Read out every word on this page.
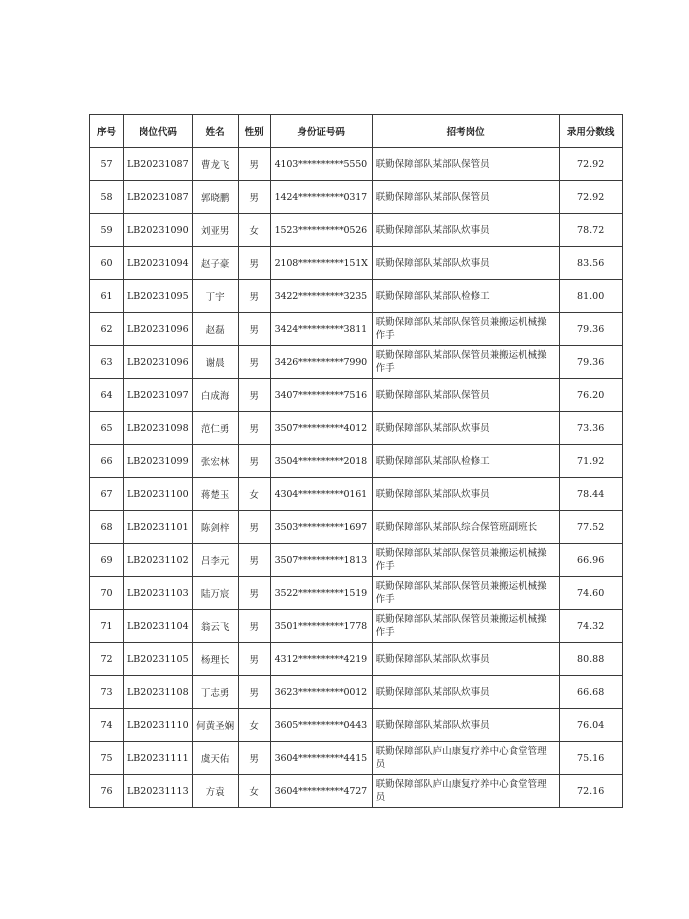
序号	岗位代码	姓名	性别	身份证号码	招考岗位	录用分数线
57	LB20231087	曹龙飞	男	4103**********5550	联勤保障部队某部队保管员	72.92
58	LB20231087	郭晓鹏	男	1424**********0317	联勤保障部队某部队保管员	72.92
59	LB20231090	刘亚男	女	1523**********0526	联勤保障部队某部队炊事员	78.72
60	LB20231094	赵子豪	男	2108**********151X	联勤保障部队某部队炊事员	83.56
61	LB20231095	丁宇	男	3422**********3235	联勤保障部队某部队检修工	81.00
62	LB20231096	赵磊	男	3424**********3811	联勤保障部队某部队保管员兼搬运机械操作手	79.36
63	LB20231096	谢晨	男	3426**********7990	联勤保障部队某部队保管员兼搬运机械操作手	79.36
64	LB20231097	白成海	男	3407**********7516	联勤保障部队某部队保管员	76.20
65	LB20231098	范仁勇	男	3507**********4012	联勤保障部队某部队炊事员	73.36
66	LB20231099	张宏林	男	3504**********2018	联勤保障部队某部队检修工	71.92
67	LB20231100	蒋楚玉	女	4304**********0161	联勤保障部队某部队炊事员	78.44
68	LB20231101	陈剑梓	男	3503**********1697	联勤保障部队某部队综合保管班副班长	77.52
69	LB20231102	吕李元	男	3507**********1813	联勤保障部队某部队保管员兼搬运机械操作手	66.96
70	LB20231103	陆万宸	男	3522**********1519	联勤保障部队某部队保管员兼搬运机械操作手	74.60
71	LB20231104	翁云飞	男	3501**********1778	联勤保障部队某部队保管员兼搬运机械操作手	74.32
72	LB20231105	杨理长	男	4312**********4219	联勤保障部队某部队炊事员	80.88
73	LB20231108	丁志勇	男	3623**********0012	联勤保障部队某部队炊事员	66.68
74	LB20231110	何黄圣娴	女	3605**********0443	联勤保障部队某部队炊事员	76.04
75	LB20231111	虞天佑	男	3604**********4415	联勤保障部队庐山康复疗养中心食堂管理员	75.16
76	LB20231113	方袁	女	3604**********4727	联勤保障部队庐山康复疗养中心食堂管理员	72.16
